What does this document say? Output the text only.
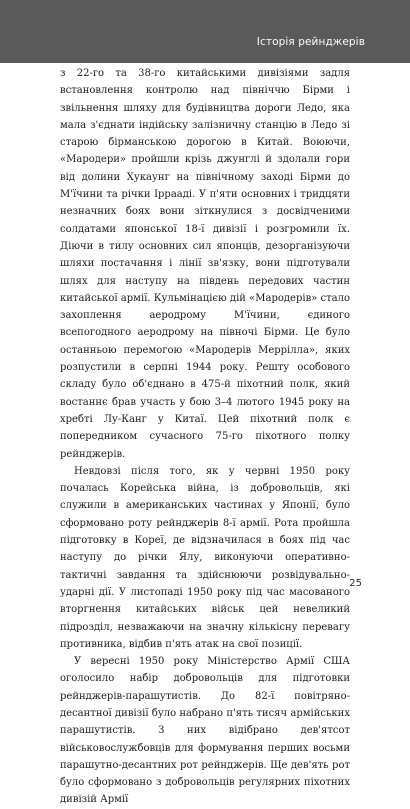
Історія рейнджерів

з 22-го та 38-го китайськими дивізіями задля встановлення контролю над північчю Бірми і звільнення шляху для будівництва дороги Ледо, яка мала з'єднати індійську залізничну станцію в Ледо зі старою бірманською дорогою в Китай. Воюючи, «Мародери» пройшли крізь джунглі й здолали гори від долини Хукаунг на північному заході Бірми до М'їчини та річки Іррааді. У п'яти основних і тридцяти незначних боях вони зіткнулися з досвідченими солдатами японської 18-ї дивізії і розгромили їх. Діючи в тилу основних сил японців, дезорганізуючи шляхи постачання і лінії зв'язку, вони підготували шлях для наступу на південь передових частин китайської армії. Кульмінацією дій «Мародерів» стало захоплення аеродрому М'їчини, єдиного всепогодного аеродрому на півночі Бірми. Це було останньою перемогою «Мародерів Меррілла», яких розпустили в серпні 1944 року. Решту особового складу було об'єднано в 475-й піхотний полк, який востаннє брав участь у бою 3–4 лютого 1945 року на хребті Лу-Канг у Китаї. Цей піхотний полк є попередником сучасного 75-го піхотного полку рейнджерів.

Невдовзі після того, як у червні 1950 року почалась Корейська війна, із добровольців, які служили в американських частинах у Японії, було сформовано роту рейнджерів 8-ї армії. Рота пройшла підготовку в Кореї, де відзначилася в боях під час наступу до річки Ялу, виконуючи оперативно-тактичні завдання та здійснюючи розвідувально-ударні дії. У листопаді 1950 року під час масованого вторгнення китайських військ цей невеликий підрозділ, незважаючи на значну кількісну перевагу противника, відбив п'ять атак на свої позиції.

У вересні 1950 року Міністерство Армії США оголосило набір добровольців для підготовки рейнджерів-парашутистів. До 82-ї повітряно-десантної дивізії було набрано п'ять тисяч армійських парашутистів. З них відібрано дев'ятсот військовослужбовців для формування перших восьми парашутно-десантних рот рейнджерів. Ще дев'ять рот було сформовано з добровольців регулярних піхотних дивізій Армії

25
